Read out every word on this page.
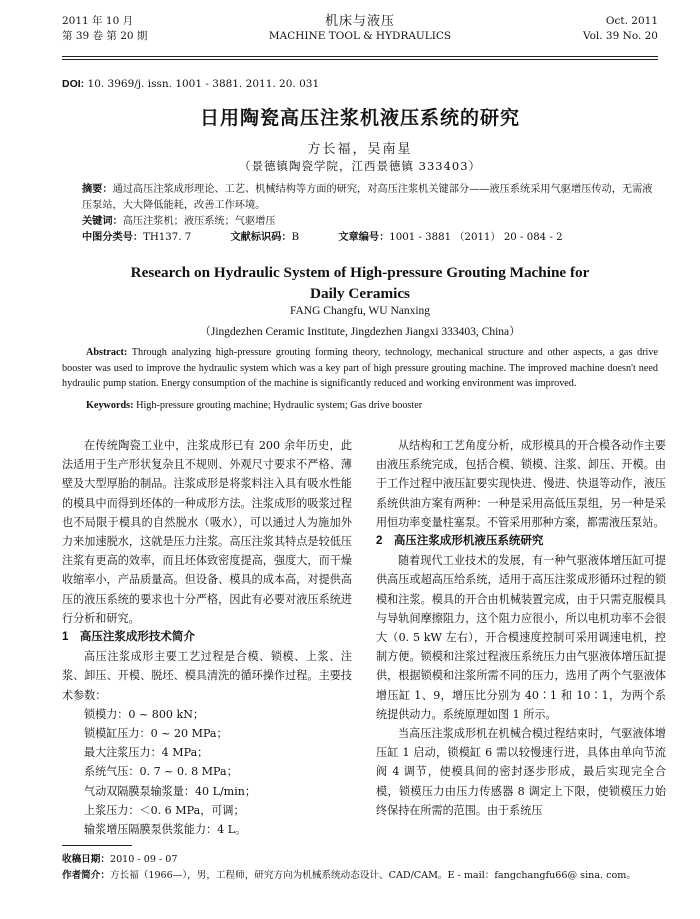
2011 年 10 月
第 39 卷 第 20 期
机床与液压
MACHINE TOOL & HYDRAULICS
Oct. 2011
Vol. 39 No. 20
DOI: 10. 3969/j. issn. 1001 - 3881. 2011. 20. 031
日用陶瓷高压注浆机液压系统的研究
方长福，吴南星
（景德镇陶瓷学院，江西景德镇 333403）

摘要：通过高压注浆成形理论、工艺、机械结构等方面的研究，对高压注浆机关键部分——液压系统采用气驱增压传动，无需液压泵站，大大降低能耗，改善工作环境。

关键词：高压注浆机；液压系统；气驱增压

中图分类号：TH137. 7	文献标识码：B	文章编号：1001 - 3881 （2011） 20 - 084 - 2

Research on Hydraulic System of High-pressure Grouting Machine for
Daily Ceramics
FANG Changfu, WU Nanxing
（Jingdezhen Ceramic Institute, Jingdezhen Jiangxi 333403, China）

Abstract: Through analyzing high-pressure grouting forming theory, technology, mechanical structure and other aspects, a gas drive booster was used to improve the hydraulic system which was a key part of high pressure grouting machine. The improved machine doesn't need hydraulic pump station. Energy consumption of the machine is significantly reduced and working environment was improved.

Keywords: High-pressure grouting machine; Hydraulic system; Gas drive booster

在传统陶瓷工业中，注浆成形已有 200 余年历史，此法适用于生产形状复杂且不规则、外观尺寸要求不严格、薄壁及大型厚胎的制品。注浆成形是将浆料注入具有吸水性能的模具中而得到坯体的一种成形方法。注浆成形的吸浆过程也不局限于模具的自然脱水（吸水），可以通过人为施加外力来加速脱水，这就是压力注浆。高压注浆其特点是较低压注浆有更高的效率，而且坯体致密度提高，强度大，而干燥收缩率小，产品质量高。但设备、模具的成本高，对提供高压的液压系统的要求也十分严格，因此有必要对液压系统进行分析和研究。

1　高压注浆成形技术简介

高压注浆成形主要工艺过程是合模、锁模、上浆、注浆、卸压、开模、脱坯、模具清洗的循环操作过程。主要技术参数：

锁模力：0 ~ 800 kN；

锁模缸压力：0 ~ 20 MPa；

最大注浆压力：4 MPa；

系统气压：0. 7 ~ 0. 8 MPa；

气动双隔膜泵输浆量：40 L/min；

上浆压力：＜0. 6 MPa，可调；

输浆增压隔膜泵供浆能力：4 L。

从结构和工艺角度分析，成形模具的开合模各动作主要由液压系统完成，包括合模、锁模、注浆、卸压、开模。由于工作过程中液压缸要实现快进、慢进、快退等动作，液压系统供油方案有两种：一种是采用高低压泵组，另一种是采用恒功率变量柱塞泵。不管采用那种方案，都需液压泵站。

2　高压注浆成形机液压系统研究

随着现代工业技术的发展，有一种气驱液体增压缸可提供高压或超高压给系统，适用于高压注浆成形循环过程的锁模和注浆。模具的开合由机械装置完成，由于只需克服模具与导轨间摩擦阻力，这个阻力应很小，所以电机功率不会很大（0. 5 kW 左右），开合模速度控制可采用调速电机，控制方便。锁模和注浆过程液压系统压力由气驱液体增压缸提供，根据锁模和注浆所需不同的压力，选用了两个气驱液体增压缸 1、9，增压比分别为 40∶1 和 10∶1，为两个系统提供动力。系统原理如图 1 所示。

当高压注浆成形机在机械合模过程结束时，气驱液体增压缸 1 启动，锁模缸 6 需以较慢速行进，具体由单向节流阀 4 调节，使模具间的密封逐步形成，最后实现完全合模，锁模压力由压力传感器 8 调定上下限，使锁模压力始终保持在所需的范围。由于系统压

收稿日期：2010 - 09 - 07

作者简介：方长福（1966—），男，工程师，研究方向为机械系统动态设计、CAD/CAM。E - mail：fangchangfu66@ sina. com。
